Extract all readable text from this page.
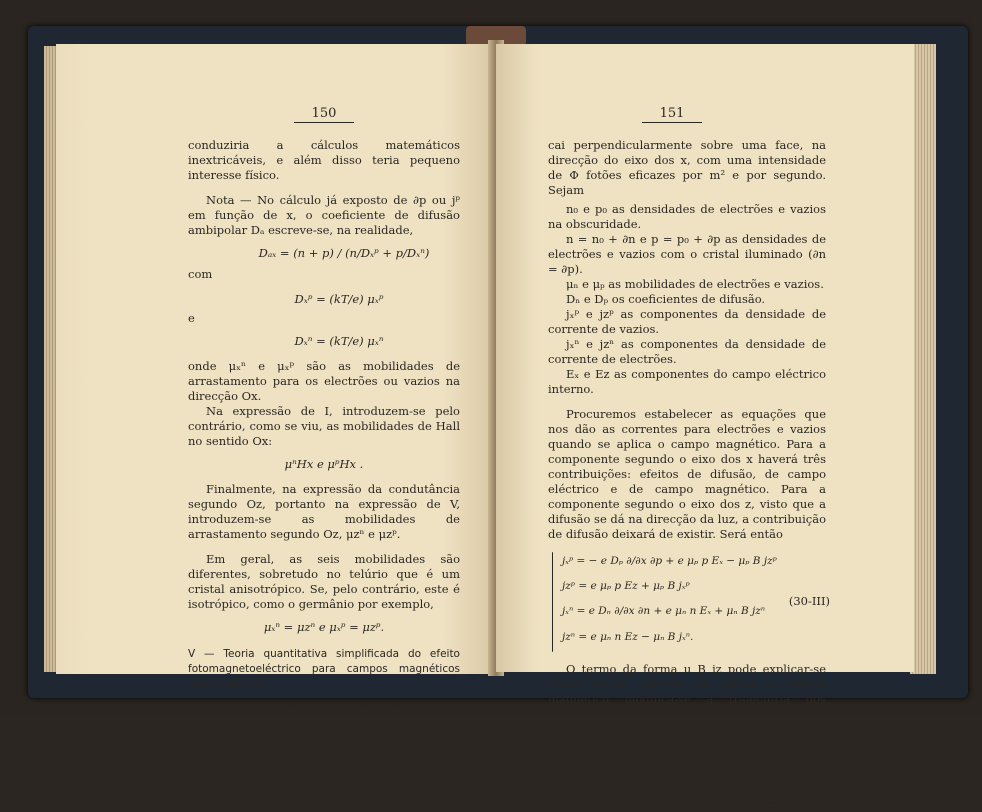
150

conduziria a cálculos matemáticos inextricáveis, e além disso teria pequeno interesse físico.

Nota — No cálculo já exposto de ∂p ou jᵖ em função de x, o coeficiente de difusão ambipolar Dₐ escreve-se, na realidade,

Dₐₓ = (n + p) / (n/Dₓᵖ + p/Dₓⁿ)

com

Dₓᵖ = (kT/e) μₓᵖ

e

Dₓⁿ = (kT/e) μₓⁿ

onde μₓⁿ e μₓᵖ são as mobilidades de arrastamento para os electrões ou vazios na direcção Ox.

Na expressão de I, introduzem-se pelo contrário, como se viu, as mobilidades de Hall no sentido Ox:

μⁿHx e μᵖHx .

Finalmente, na expressão da condutância segundo Oz, portanto na expressão de V, introduzem-se as mobilidades de arrastamento segundo Oz, μzⁿ e μzᵖ.

Em geral, as seis mobilidades são diferentes, sobretudo no telúrio que é um cristal anisotrópico. Se, pelo contrário, este é isotrópico, como o germânio por exemplo,

μₓⁿ = μzⁿ e μₓᵖ = μzᵖ.

V — Teoria quantitativa simplificada do efeito fotomagnetoeléctrico para campos magnéticos muito intensos.

Para obter esta teoria suporemos algumas hipóteses simplificadoras pois os cálculos no caso geral conduziriam a dificuldades matemáticas consideráveis. Suporemos o campo magnético muito intenso e consideramos que a luz

151

cai perpendicularmente sobre uma face, na direcção do eixo dos x, com uma intensidade de Φ fotões eficazes por m² e por segundo. Sejam

n₀ e p₀ as densidades de electrões e vazios na obscuridade.

n = n₀ + ∂n e p = p₀ + ∂p as densidades de electrões e vazios com o cristal iluminado (∂n = ∂p).

μₙ e μₚ as mobilidades de electrões e vazios.

Dₙ e Dₚ os coeficientes de difusão.

jₓᵖ e jzᵖ as componentes da densidade de corrente de vazios.

jₓⁿ e jzⁿ as componentes da densidade de corrente de electrões.

Eₓ e Ez as componentes do campo eléctrico interno.

Procuremos estabelecer as equações que nos dão as correntes para electrões e vazios quando se aplica o campo magnético. Para a componente segundo o eixo dos x haverá três contribuições: efeitos de difusão, de campo eléctrico e de campo magnético. Para a componente segundo o eixo dos z, visto que a difusão se dá na direcção da luz, a contribuição de difusão deixará de existir. Será então

jₓᵖ = − e Dₚ ∂/∂x ∂p + e μₚ p Eₓ − μₚ B jzᵖ

jzᵖ = e μₚ p Ez + μₚ B jₓᵖ

jₓⁿ = e Dₙ ∂/∂x ∂n + e μₙ n Eₓ + μₙ B jzⁿ

jzⁿ = e μₙ n Ez − μₙ B jₓⁿ.

(30-III)

O termo da forma μ B jz pode explicar-se como segue: quando se aplica o campo magnético modifica-se a trajectória dos transportadores e portanto passará a existir, para cada tipo, uma componente de velocidade, isto é, de corrente, segundo Oz. O campo magnético vai agir sobre esta corrente, donde o termo. Se o campo magnético é pequeno, este termo poderá desprezar-se, mas o mesmo já não sucede se ele é intenso.
